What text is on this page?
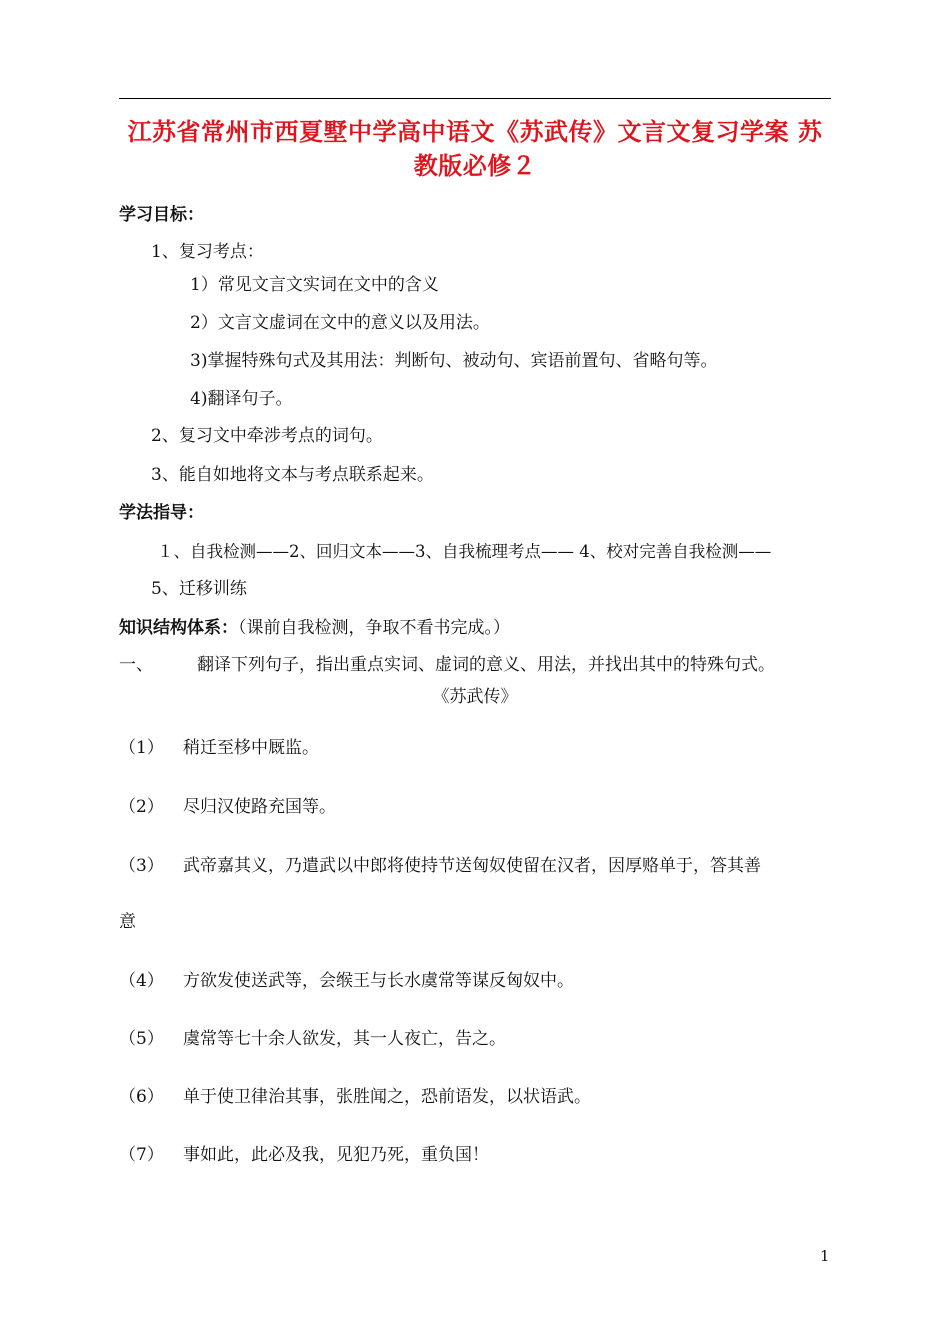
江苏省常州市西夏墅中学高中语文《苏武传》文言文复习学案 苏
教版必修２
学习目标：
1、复习考点：
1）常见文言文实词在文中的含义
2）文言文虚词在文中的意义以及用法。
3)掌握特殊句式及其用法：判断句、被动句、宾语前置句、省略句等。
4)翻译句子。
2、复习文中牵涉考点的词句。
3、能自如地将文本与考点联系起来。
学法指导：
１、自我检测——2、回归文本——3、自我梳理考点—— 4、校对完善自我检测——
5、迁移训练
知识结构体系：（课前自我检测，争取不看书完成。）
一、	翻译下列句子，指出重点实词、虚词的意义、用法，并找出其中的特殊句式。
《苏武传》
（1） 稍迁至栘中厩监。
（2） 尽归汉使路充国等。
（3） 武帝嘉其义，乃遣武以中郎将使持节送匈奴使留在汉者，因厚赂单于，答其善
意
（4） 方欲发使送武等，会缑王与长水虞常等谋反匈奴中。
（5） 虞常等七十余人欲发，其一人夜亡，告之。
（6） 单于使卫律治其事，张胜闻之，恐前语发，以状语武。
（7） 事如此，此必及我，见犯乃死，重负国！
1
